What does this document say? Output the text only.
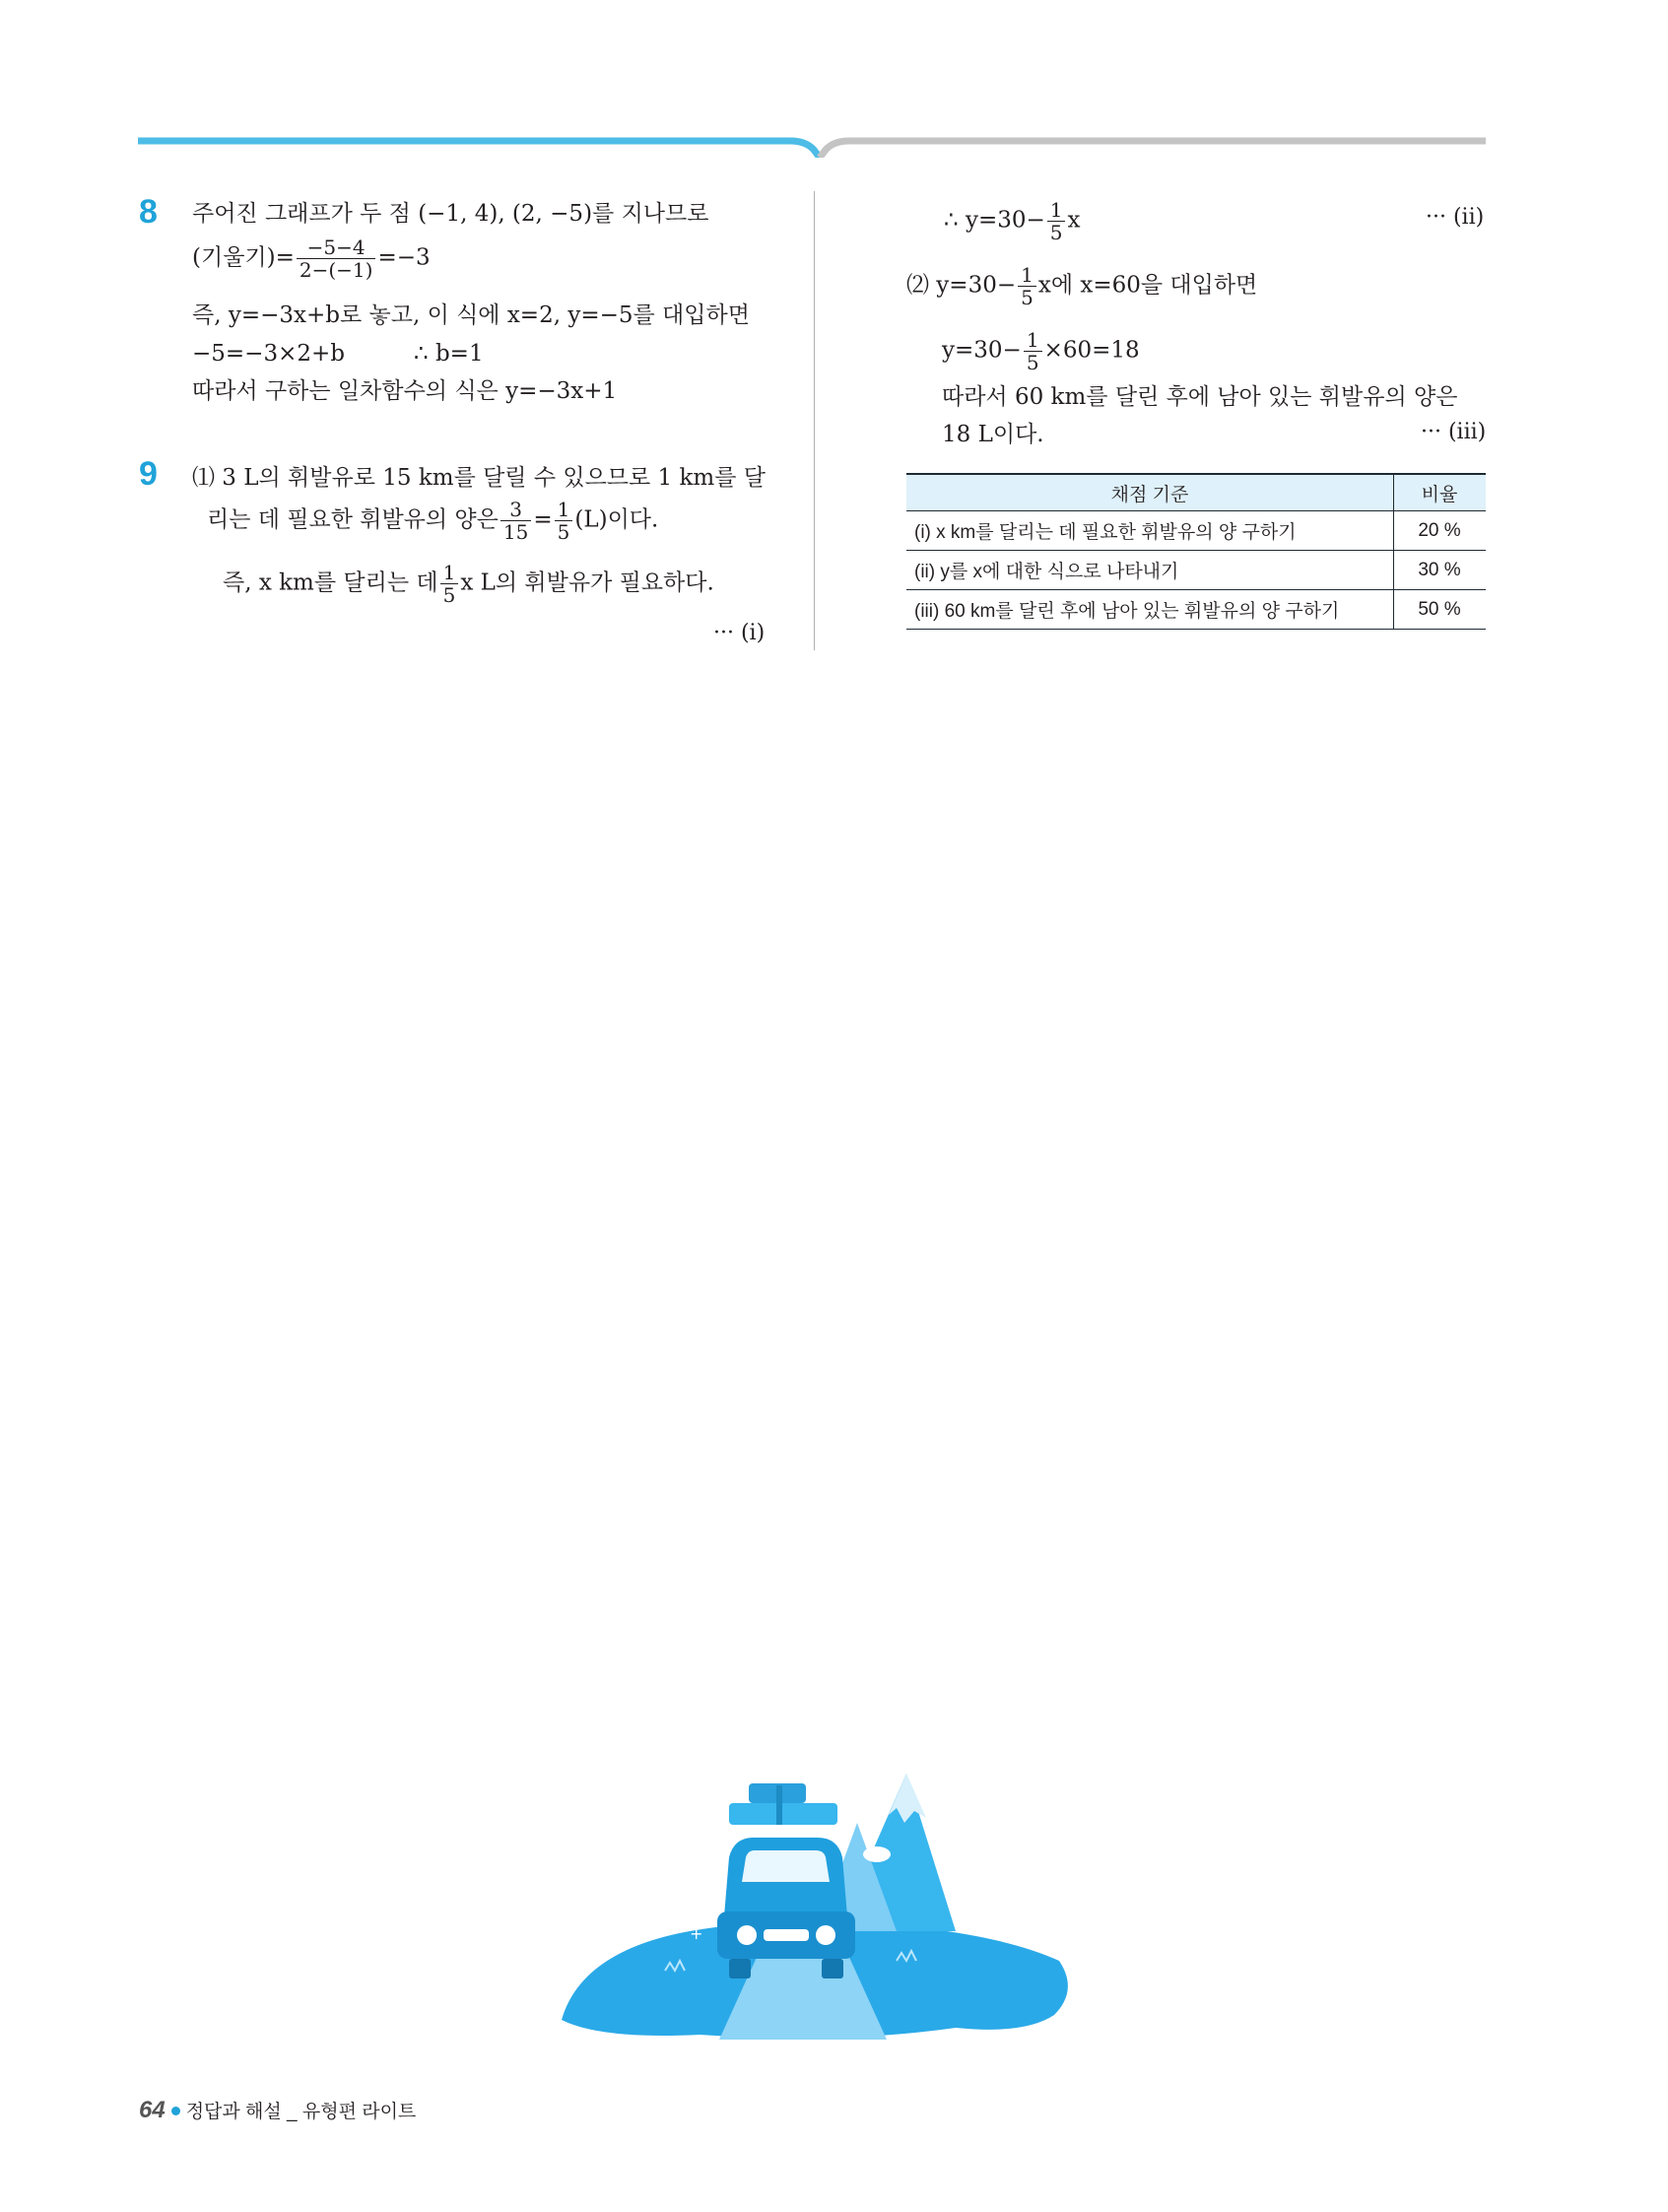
8 주어진 그래프가 두 점 (−1, 4), (2, −5)를 지나므로
(기울기)= $\frac{-5-4}{2-(-1)} =-3$
즉, y=−3x+b로 놓고, 이 식에 x=2, y=−5를 대입하면
−5=−3×2+b	∴ b=1
따라서 구하는 일차함수의 식은 y=−3x+1
9 ⑴ 3 L의 휘발유로 15 km를 달릴 수 있으므로 1 km를 달
리는 데 필요한 휘발유의 양은 $\frac{3}{15} = \frac{1}{5} (L)$이다.
즉, x km를 달리는 데 $\frac{1}{5}$ x L의 휘발유가 필요하다.
··· (i)
∴ $y=30- \frac{1}{5}$ x	··· (ii)
⑵ $y=30- \frac{1}{5}$ x에 x=60을 대입하면
$y=30- \frac{1}{5} \times 60=18$
따라서 60 km를 달린 후에 남아 있는 휘발유의 양은
18 L이다.	··· (iii)
채점 기준	비율
(i) x km를 달리는 데 필요한 휘발유의 양 구하기	20 %
(ii) y를 x에 대한 식으로 나타내기	30 %
(iii) 60 km를 달린 후에 남아 있는 휘발유의 양 구하기	50 %
+ +
+
64 정답과 해설 _ 유형편 라이트
